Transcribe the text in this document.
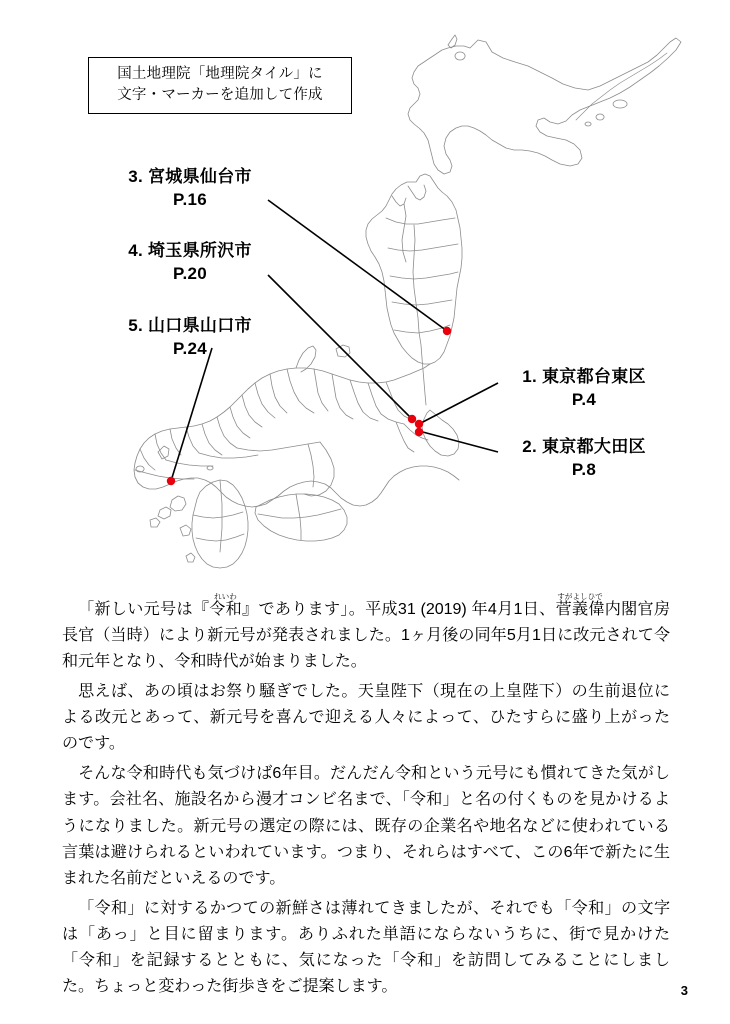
国土地理院「地理院タイル」に
文字・マーカーを追加して作成
3. 宮城県仙台市
P.16
4. 埼玉県所沢市
P.20
5. 山口県山口市
P.24
1. 東京都台東区
P.4
2. 東京都大田区
P.8

「新しい元号は『令和れいわ』であります」。平成31 (2019) 年4月1日、菅義偉すがよしひで内閣官房長官（当時）により新元号が発表されました。1ヶ月後の同年5月1日に改元されて令和元年となり、令和時代が始まりました。

思えば、あの頃はお祭り騒ぎでした。天皇陛下（現在の上皇陛下）の生前退位による改元とあって、新元号を喜んで迎える人々によって、ひたすらに盛り上がったのです。

そんな令和時代も気づけば6年目。だんだん令和という元号にも慣れてきた気がします。会社名、施設名から漫才コンビ名まで、「令和」と名の付くものを見かけるようになりました。新元号の選定の際には、既存の企業名や地名などに使われている言葉は避けられるといわれています。つまり、それらはすべて、この6年で新たに生まれた名前だといえるのです。

「令和」に対するかつての新鮮さは薄れてきましたが、それでも「令和」の文字は「あっ」と目に留まります。ありふれた単語にならないうちに、街で見かけた「令和」を記録するとともに、気になった「令和」を訪問してみることにしました。ちょっと変わった街歩きをご提案します。	3
